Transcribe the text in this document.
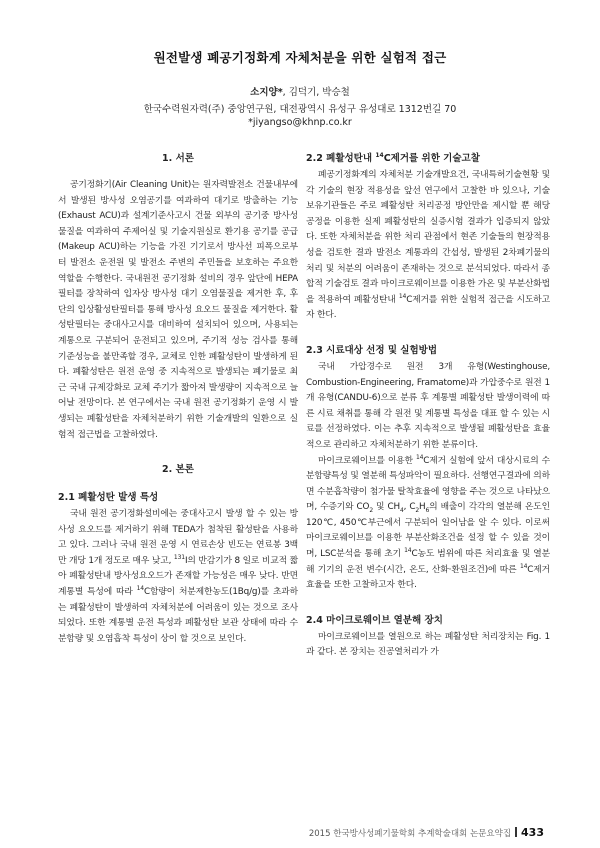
원전발생 폐공기정화계 자체처분을 위한 실험적 접근
소지양*, 김덕기, 박승철
한국수력원자력(주) 중앙연구원, 대전광역시 유성구 유성대로 1312번길 70
*jiyangso@khnp.co.kr
1. 서론

공기정화기(Air Cleaning Unit)는 원자력발전소 건물내부에서 발생된 방사성 오염공기를 여과하여 대기로 방출하는 기능(Exhaust ACU)과 설계기준사고시 건물 외부의 공기중 방사성 물질을 여과하여 주제어실 및 기술지원실로 환기용 공기를 공급(Makeup ACU)하는 기능을 가진 기기로서 방사선 피폭으로부터 발전소 운전원 및 발전소 주변의 주민들을 보호하는 주요한 역할을 수행한다. 국내원전 공기정화 설비의 경우 앞단에 HEPA필터를 장착하여 입자상 방사성 대기 오염물질을 제거한 후, 후단의 입상활성탄필터를 통해 방사성 요오드 물질을 제거한다. 활성탄필터는 중대사고시를 대비하여 설치되어 있으며, 사용되는 계통으로 구분되어 운전되고 있으며, 주기적 성능 검사를 통해 기준성능을 불만족할 경우, 교체로 인한 폐활성탄이 발생하게 된다. 폐활성탄은 원전 운영 중 지속적으로 발생되는 폐기물로 최근 국내 규제강화로 교체 주기가 짧아져 발생량이 지속적으로 늘어날 전망이다. 본 연구에서는 국내 원전 공기정화기 운영 시 발생되는 폐활성탄을 자체처분하기 위한 기술개발의 일환으로 실험적 접근법을 고찰하였다.

2. 본론
2.1 폐활성탄 발생 특성

국내 원전 공기정화설비에는 중대사고시 발생 할 수 있는 방사성 요오드를 제거하기 위해 TEDA가 첨착된 활성탄을 사용하고 있다. 그러나 국내 원전 운영 시 연료손상 빈도는 연료봉 3백만 개당 1개 정도로 매우 낮고, $^{131}$I의 반감기가 8 일로 비교적 짧아 폐활성탄내 방사성요오드가 존재할 가능성은 매우 낮다. 반면 계통별 특성에 따라 $^{14}$C함량이 처분제한농도(1Bq/g)를 초과하는 폐활성탄이 발생하여 자체처분에 어려움이 있는 것으로 조사되었다. 또한 계통별 운전 특성과 폐활성탄 보관 상태에 따라 수분함량 및 오염흡착 특성이 상이 할 것으로 보인다.

2.2 폐활성탄내 $^{14}$C제거를 위한 기술고찰

폐공기정화계의 자체처분 기술개발요건, 국내특허기술현황 및 각 기술의 현장 적용성을 앞선 연구에서 고찰한 바 있으나, 기술 보유기관들은 주로 폐활성탄 처리공정 방안만을 제시할 뿐 해당 공정을 이용한 실제 폐활성탄의 실증시험 결과가 입증되지 않았다. 또한 자체처분을 위한 처리 관점에서 현존 기술들의 현장적용성을 검토한 결과 발전소 계통과의 간섭성, 발생된 2차폐기물의 처리 및 처분의 어려움이 존재하는 것으로 분석되었다. 따라서 종합적 기술검토 결과 마이크로웨이브를 이용한 가온 및 부분산화법을 적용하여 폐활성탄내 $^{14}$C제거를 위한 실험적 접근을 시도하고자 한다.

2.3 시료대상 선정 및 실험방법

국내 가압경수로 원전 3개 유형(Westinghouse, Combustion-Engineering, Framatome)과 가압중수로 원전 1개 유형(CANDU-6)으로 분류 후 계통별 폐활성탄 발생이력에 따른 시료 채취를 통해 각 원전 및 계통별 특성을 대표 할 수 있는 시료를 선정하였다. 이는 추후 지속적으로 발생될 폐활성탄을 효율적으로 관리하고 자체처분하기 위한 분류이다.

마이크로웨이브를 이용한 $^{14}$C제거 실험에 앞서 대상시료의 수분함량특성 및 열분해 특성파악이 필요하다. 선행연구결과에 의하면 수분흡착량이 첨가물 탈착효율에 영향을 주는 것으로 나타났으며, 수증기와 $CO_2$ 및 $CH_4$, $C_2H_6$의 배출이 각각의 열분해 온도인 120℃, 450℃부근에서 구분되어 일어남을 알 수 있다. 이로써 마이크로웨이브를 이용한 부분산화조건을 설정 할 수 있을 것이며, LSC분석을 통해 초기 $^{14}$C농도 범위에 따른 처리효율 및 열분해 기기의 운전 변수(시간, 온도, 산화·환원조건)에 따른 $^{14}$C제거효율을 또한 고찰하고자 한다.

2.4 마이크로웨이브 열분해 장치

마이크로웨이브를 열원으로 하는 폐활성탄 처리장치는 Fig. 1과 같다. 본 장치는 진공열처리가 가

2015 한국방사성폐기물학회 추계학술대회 논문요약집 433
